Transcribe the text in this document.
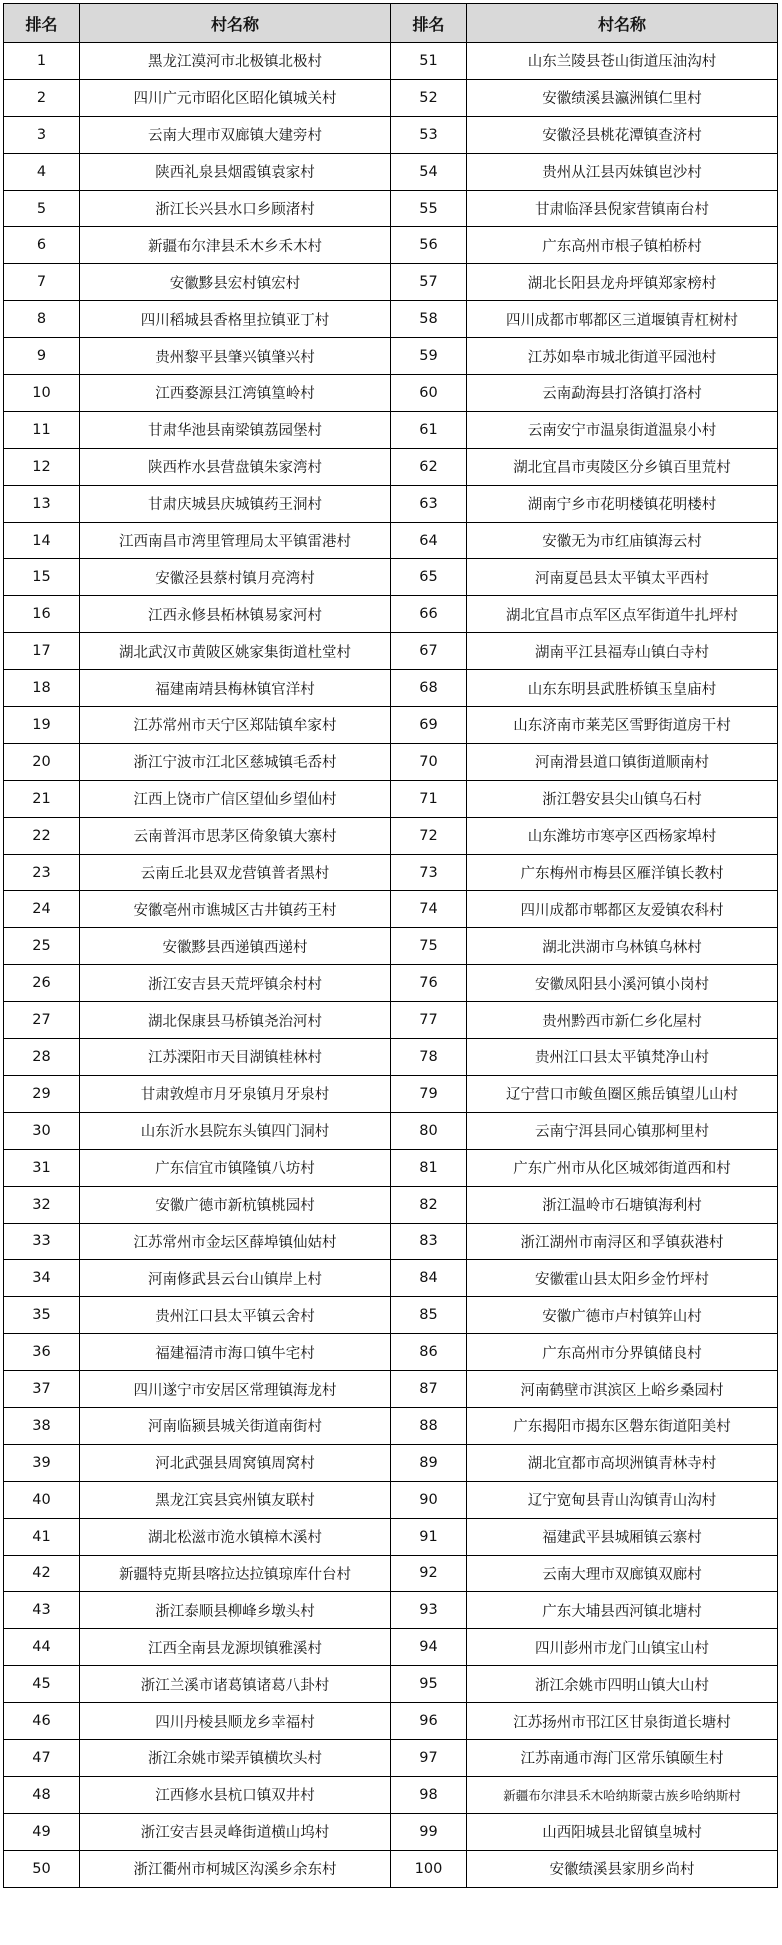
排名	村名称	排名	村名称
1	黑龙江漠河市北极镇北极村	51	山东兰陵县苍山街道压油沟村
2	四川广元市昭化区昭化镇城关村	52	安徽绩溪县瀛洲镇仁里村
3	云南大理市双廊镇大建旁村	53	安徽泾县桃花潭镇查济村
4	陕西礼泉县烟霞镇袁家村	54	贵州从江县丙妹镇岜沙村
5	浙江长兴县水口乡顾渚村	55	甘肃临泽县倪家营镇南台村
6	新疆布尔津县禾木乡禾木村	56	广东高州市根子镇柏桥村
7	安徽黟县宏村镇宏村	57	湖北长阳县龙舟坪镇郑家榜村
8	四川稻城县香格里拉镇亚丁村	58	四川成都市郫都区三道堰镇青杠树村
9	贵州黎平县肇兴镇肇兴村	59	江苏如皋市城北街道平园池村
10	江西婺源县江湾镇篁岭村	60	云南勐海县打洛镇打洛村
11	甘肃华池县南梁镇荔园堡村	61	云南安宁市温泉街道温泉小村
12	陕西柞水县营盘镇朱家湾村	62	湖北宜昌市夷陵区分乡镇百里荒村
13	甘肃庆城县庆城镇药王洞村	63	湖南宁乡市花明楼镇花明楼村
14	江西南昌市湾里管理局太平镇雷港村	64	安徽无为市红庙镇海云村
15	安徽泾县蔡村镇月亮湾村	65	河南夏邑县太平镇太平西村
16	江西永修县柘林镇易家河村	66	湖北宜昌市点军区点军街道牛扎坪村
17	湖北武汉市黄陂区姚家集街道杜堂村	67	湖南平江县福寿山镇白寺村
18	福建南靖县梅林镇官洋村	68	山东东明县武胜桥镇玉皇庙村
19	江苏常州市天宁区郑陆镇牟家村	69	山东济南市莱芜区雪野街道房干村
20	浙江宁波市江北区慈城镇毛岙村	70	河南滑县道口镇街道顺南村
21	江西上饶市广信区望仙乡望仙村	71	浙江磐安县尖山镇乌石村
22	云南普洱市思茅区倚象镇大寨村	72	山东潍坊市寒亭区西杨家埠村
23	云南丘北县双龙营镇普者黑村	73	广东梅州市梅县区雁洋镇长教村
24	安徽亳州市谯城区古井镇药王村	74	四川成都市郫都区友爱镇农科村
25	安徽黟县西递镇西递村	75	湖北洪湖市乌林镇乌林村
26	浙江安吉县天荒坪镇余村村	76	安徽凤阳县小溪河镇小岗村
27	湖北保康县马桥镇尧治河村	77	贵州黔西市新仁乡化屋村
28	江苏溧阳市天目湖镇桂林村	78	贵州江口县太平镇梵净山村
29	甘肃敦煌市月牙泉镇月牙泉村	79	辽宁营口市鲅鱼圈区熊岳镇望儿山村
30	山东沂水县院东头镇四门洞村	80	云南宁洱县同心镇那柯里村
31	广东信宜市镇隆镇八坊村	81	广东广州市从化区城郊街道西和村
32	安徽广德市新杭镇桃园村	82	浙江温岭市石塘镇海利村
33	江苏常州市金坛区薛埠镇仙姑村	83	浙江湖州市南浔区和孚镇荻港村
34	河南修武县云台山镇岸上村	84	安徽霍山县太阳乡金竹坪村
35	贵州江口县太平镇云舍村	85	安徽广德市卢村镇笄山村
36	福建福清市海口镇牛宅村	86	广东高州市分界镇储良村
37	四川遂宁市安居区常理镇海龙村	87	河南鹤壁市淇滨区上峪乡桑园村
38	河南临颍县城关街道南街村	88	广东揭阳市揭东区磐东街道阳美村
39	河北武强县周窝镇周窝村	89	湖北宜都市高坝洲镇青林寺村
40	黑龙江宾县宾州镇友联村	90	辽宁宽甸县青山沟镇青山沟村
41	湖北松滋市洈水镇樟木溪村	91	福建武平县城厢镇云寨村
42	新疆特克斯县喀拉达拉镇琼库什台村	92	云南大理市双廊镇双廊村
43	浙江泰顺县柳峰乡墩头村	93	广东大埔县西河镇北塘村
44	江西全南县龙源坝镇雅溪村	94	四川彭州市龙门山镇宝山村
45	浙江兰溪市诸葛镇诸葛八卦村	95	浙江余姚市四明山镇大山村
46	四川丹棱县顺龙乡幸福村	96	江苏扬州市邗江区甘泉街道长塘村
47	浙江余姚市梁弄镇横坎头村	97	江苏南通市海门区常乐镇颐生村
48	江西修水县杭口镇双井村	98	新疆布尔津县禾木哈纳斯蒙古族乡哈纳斯村
49	浙江安吉县灵峰街道横山坞村	99	山西阳城县北留镇皇城村
50	浙江衢州市柯城区沟溪乡余东村	100	安徽绩溪县家朋乡尚村
